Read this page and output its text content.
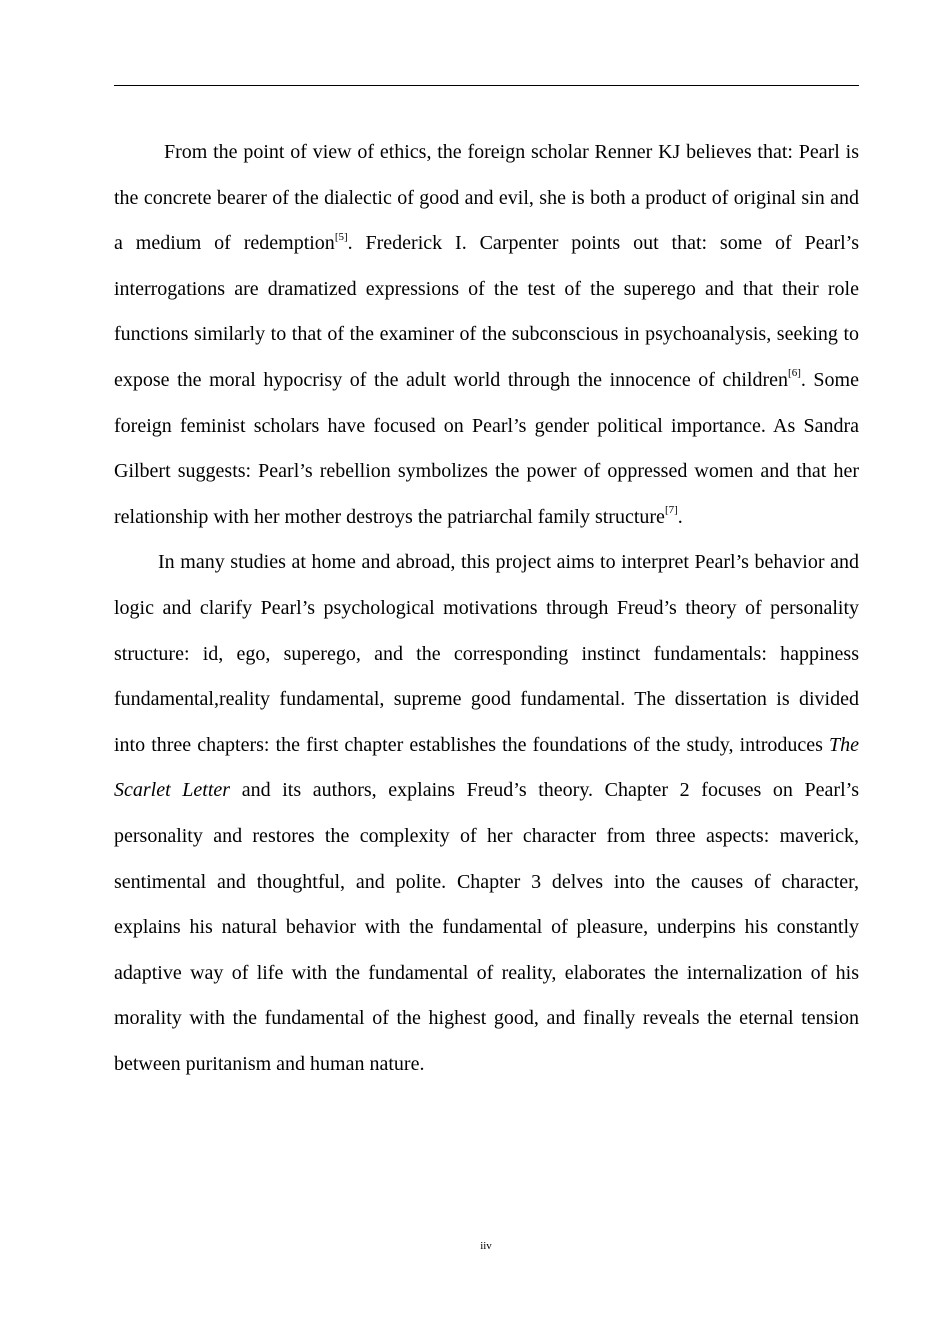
From the point of view of ethics, the foreign scholar Renner KJ believes that: Pearl is the concrete bearer of the dialectic of good and evil, she is both a product of original sin and a medium of redemption[5]. Frederick I. Carpenter points out that: some of Pearl’s interrogations are dramatized expressions of the test of the superego and that their role functions similarly to that of the examiner of the subconscious in psychoanalysis, seeking to expose the moral hypocrisy of the adult world through the innocence of children[6]. Some foreign feminist scholars have focused on Pearl’s gender political importance. As Sandra Gilbert suggests: Pearl’s rebellion symbolizes the power of oppressed women and that her relationship with her mother destroys the patriarchal family structure[7].

In many studies at home and abroad, this project aims to interpret Pearl’s behavior and logic and clarify Pearl’s psychological motivations through Freud’s theory of personality structure: id, ego, superego, and the corresponding instinct fundamentals: happiness fundamental,reality fundamental, supreme good fundamental. The dissertation is divided into three chapters: the first chapter establishes the foundations of the study, introduces The Scarlet Letter and its authors, explains Freud’s theory. Chapter 2 focuses on Pearl’s personality and restores the complexity of her character from three aspects: maverick, sentimental and thoughtful, and polite. Chapter 3 delves into the causes of character, explains his natural behavior with the fundamental of pleasure, underpins his constantly adaptive way of life with the fundamental of reality, elaborates the internalization of his morality with the fundamental of the highest good, and finally reveals the eternal tension between puritanism and human nature.

iiv
